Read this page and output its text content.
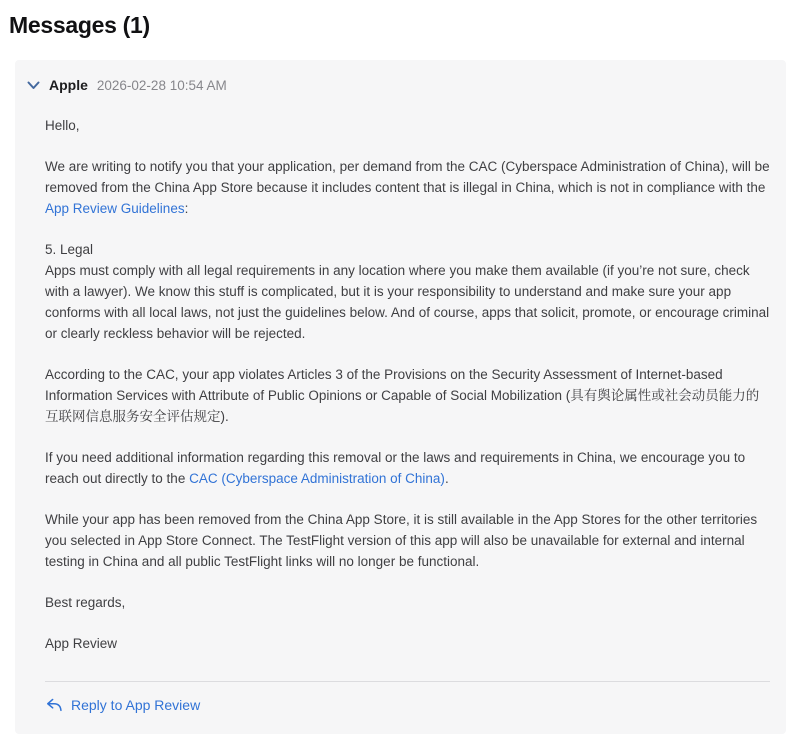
Messages (1)
Apple 2026-02-28 10:54 AM

Hello,

We are writing to notify you that your application, per demand from the CAC (Cyberspace Administration of China), will be removed from the China App Store because it includes content that is illegal in China, which is not in compliance with the App Review Guidelines:

5. Legal
Apps must comply with all legal requirements in any location where you make them available (if you’re not sure, check with a lawyer). We know this stuff is complicated, but it is your responsibility to understand and make sure your app conforms with all local laws, not just the guidelines below. And of course, apps that solicit, promote, or encourage criminal or clearly reckless behavior will be rejected.

According to the CAC, your app violates Articles 3 of the Provisions on the Security Assessment of Internet-based Information Services with Attribute of Public Opinions or Capable of Social Mobilization (具有舆论属性或社会动员能力的互联网信息服务安全评估规定).

If you need additional information regarding this removal or the laws and requirements in China, we encourage you to reach out directly to the CAC (Cyberspace Administration of China).

While your app has been removed from the China App Store, it is still available in the App Stores for the other territories you selected in App Store Connect. The TestFlight version of this app will also be unavailable for external and internal testing in China and all public TestFlight links will no longer be functional.

Best regards,

App Review

Reply to App Review
